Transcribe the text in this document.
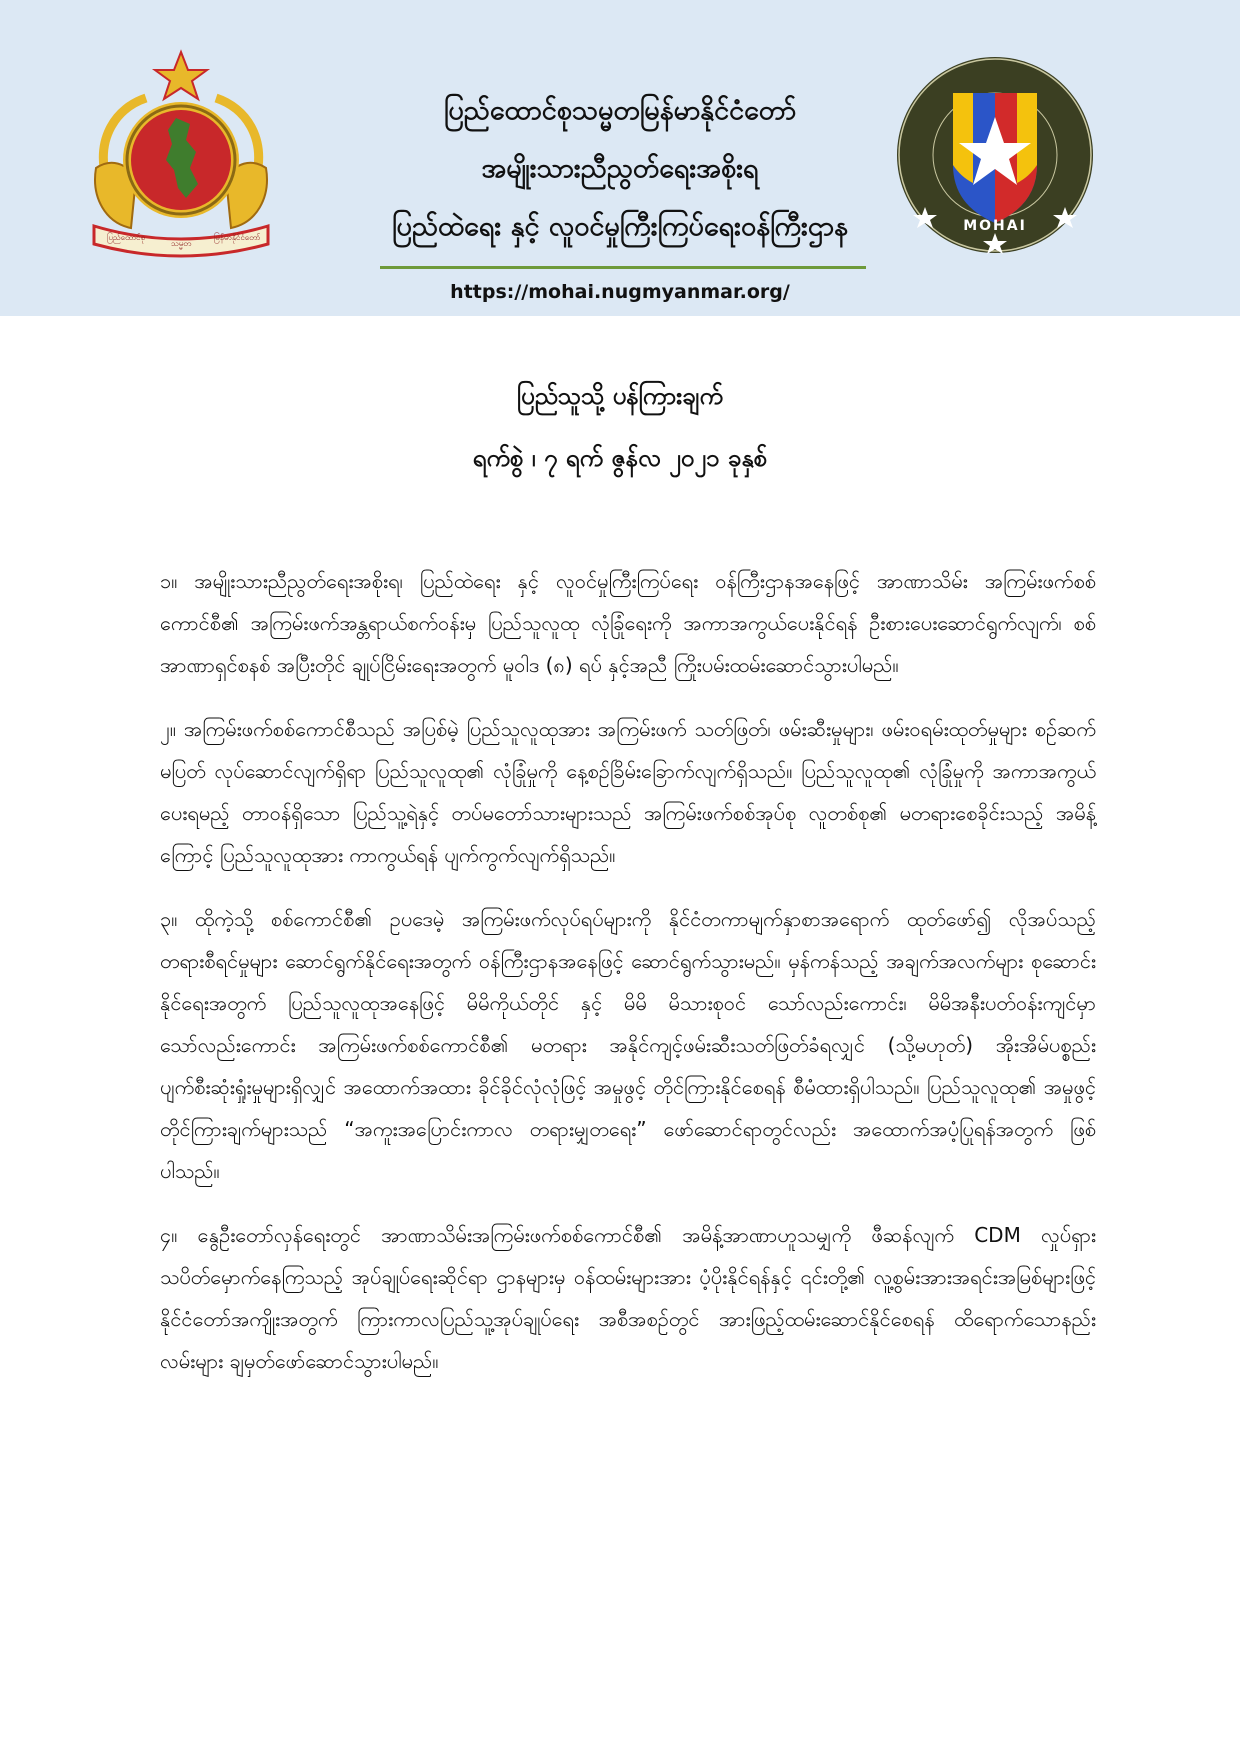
ပြည်ထောင်စု
သမ္မတ
မြန်မာနိုင်ငံတော်
ပြည်ထောင်စုသမ္မတမြန်မာနိုင်ငံတော်
အမျိုးသားညီညွတ်ရေးအစိုးရ
ပြည်ထဲရေး နှင့် လူဝင်မှုကြီးကြပ်ရေးဝန်ကြီးဌာန
https://mohai.nugmyanmar.org/
MOHAI
ပြည်သူသို့ ပန်ကြားချက်
ရက်စွဲ ၊ ၇ ရက် ဇွန်လ ၂၀၂၁ ခုနှစ်

၁။ အမျိုးသားညီညွတ်ရေးအစိုးရ၊ ပြည်ထဲရေး နှင့် လူဝင်မှုကြီးကြပ်ရေး ဝန်ကြီးဌာနအနေဖြင့် အာဏာသိမ်း အကြမ်းဖက်စစ်ကောင်စီ၏ အကြမ်းဖက်အန္တရာယ်စက်ဝန်းမှ ပြည်သူလူထု လုံခြုံရေးကို အကာအကွယ်ပေးနိုင်ရန် ဦးစားပေးဆောင်ရွက်လျက်၊ စစ်အာဏာရှင်စနစ် အပြီးတိုင် ချုပ်ငြိမ်းရေးအတွက် မူဝါဒ (၈) ရပ် နှင့်အညီ ကြိုးပမ်းထမ်းဆောင်သွားပါမည်။

၂။ အကြမ်းဖက်စစ်ကောင်စီသည် အပြစ်မဲ့ ပြည်သူလူထုအား အကြမ်းဖက် သတ်ဖြတ်၊ ဖမ်းဆီးမှုများ၊ ဖမ်းဝရမ်းထုတ်မှုများ စဉ်ဆက်မပြတ် လုပ်ဆောင်လျက်ရှိရာ ပြည်သူလူထု၏ လုံခြုံမှုကို နေ့စဉ်ခြိမ်းခြောက်လျက်ရှိသည်။ ပြည်သူလူထု၏ လုံခြုံမှုကို အကာအကွယ် ပေးရမည့် တာဝန်ရှိသော ပြည်သူ့ရဲနှင့် တပ်မတော်သားများသည် အကြမ်းဖက်စစ်အုပ်စု လူတစ်စု၏ မတရားစေခိုင်းသည့် အမိန့်ကြောင့် ပြည်သူလူထုအား ကာကွယ်ရန် ပျက်ကွက်လျက်ရှိသည်။

၃။ ထိုကဲ့သို့ စစ်ကောင်စီ၏ ဥပဒေမဲ့ အကြမ်းဖက်လုပ်ရပ်များကို နိုင်ငံတကာမျက်နှာစာအရောက် ထုတ်ဖော်၍ လိုအပ်သည့် တရားစီရင်မှုများ ဆောင်ရွက်နိုင်ရေးအတွက် ဝန်ကြီးဌာနအနေဖြင့် ဆောင်ရွက်သွားမည်။ မှန်ကန်သည့် အချက်အလက်များ စုဆောင်းနိုင်ရေးအတွက် ပြည်သူလူထုအနေဖြင့် မိမိကိုယ်တိုင် နှင့် မိမိ မိသားစုဝင် သော်လည်းကောင်း၊ မိမိအနီးပတ်ဝန်းကျင်မှာသော်လည်းကောင်း အကြမ်းဖက်စစ်ကောင်စီ၏ မတရား အနိုင်ကျင့်ဖမ်းဆီးသတ်ဖြတ်ခံရလျှင် (သို့မဟုတ်) အိုးအိမ်ပစ္စည်း ပျက်စီးဆုံးရှုံးမှုများရှိလျှင် အထောက်အထား ခိုင်ခိုင်လုံလုံဖြင့် အမှုဖွင့် တိုင်ကြားနိုင်စေရန် စီမံထားရှိပါသည်။ ပြည်သူလူထု၏ အမှုဖွင့်တိုင်ကြားချက်များသည် “အကူးအပြောင်းကာလ တရားမျှတရေး” ဖော်ဆောင်ရာတွင်လည်း အထောက်အပံ့ပြုရန်အတွက် ဖြစ်ပါသည်။

၄။ နွေဦးတော်လှန်ရေးတွင် အာဏာသိမ်းအကြမ်းဖက်စစ်ကောင်စီ၏ အမိန့်အာဏာဟူသမျှကို ဖီဆန်လျက် CDM လှုပ်ရှား သပိတ်မှောက်နေကြသည့် အုပ်ချုပ်ရေးဆိုင်ရာ ဌာနများမှ ဝန်ထမ်းများအား ပံ့ပိုးနိုင်ရန်နှင့် ၎င်းတို့၏ လူ့စွမ်းအားအရင်းအမြစ်များဖြင့် နိုင်ငံတော်အကျိုးအတွက် ကြားကာလပြည်သူ့အုပ်ချုပ်ရေး အစီအစဉ်တွင် အားဖြည့်ထမ်းဆောင်နိုင်စေရန် ထိရောက်သောနည်းလမ်းများ ချမှတ်ဖော်ဆောင်သွားပါမည်။
